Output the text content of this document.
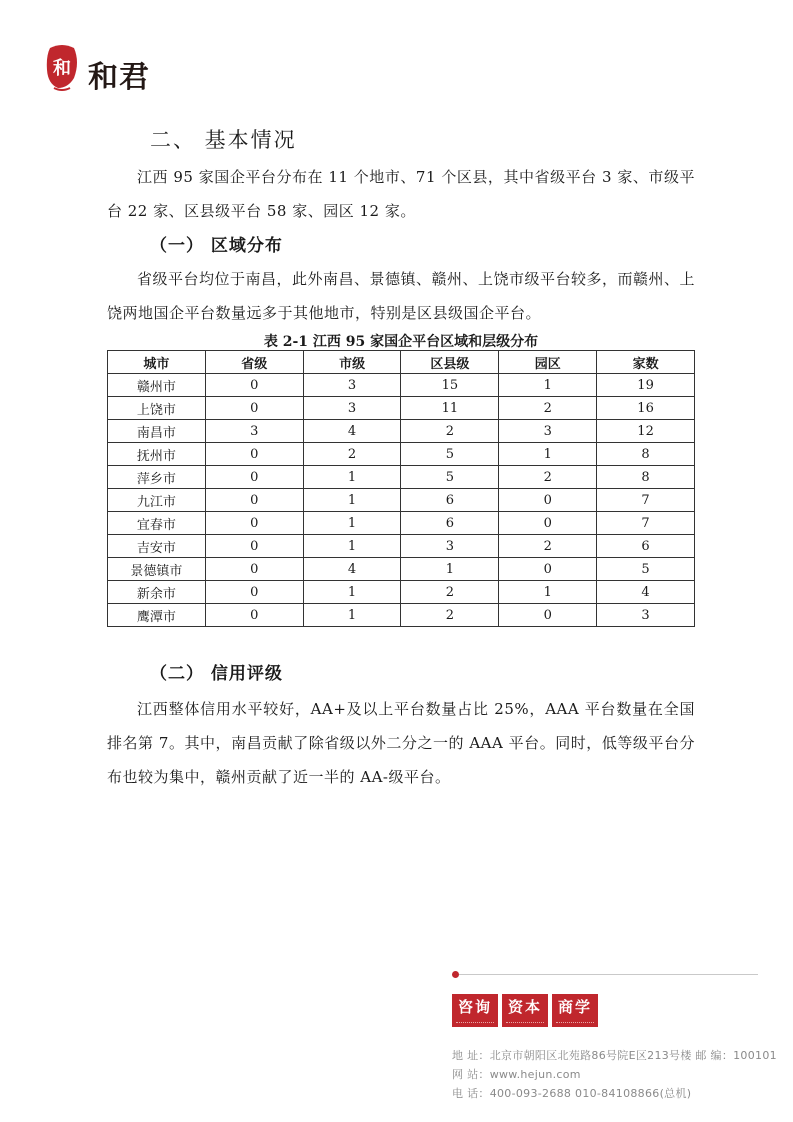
和 和君
二、 基本情况
江西 95 家国企平台分布在 11 个地市、71 个区县，其中省级平台 3 家、市级平台 22 家、区县级平台 58 家、园区 12 家。
（一） 区域分布
省级平台均位于南昌，此外南昌、景德镇、赣州、上饶市级平台较多，而赣州、上饶两地国企平台数量远多于其他地市，特别是区县级国企平台。
表 2-1 江西 95 家国企平台区域和层级分布
城市	省级	市级	区县级	园区	家数
赣州市	0	3	15	1	19
上饶市	0	3	11	2	16
南昌市	3	4	2	3	12
抚州市	0	2	5	1	8
萍乡市	0	1	5	2	8
九江市	0	1	6	0	7
宜春市	0	1	6	0	7
吉安市	0	1	3	2	6
景德镇市	0	4	1	0	5
新余市	0	1	2	1	4
鹰潭市	0	1	2	0	3
（二） 信用评级
江西整体信用水平较好，AA+及以上平台数量占比 25%，AAA 平台数量在全国排名第 7。其中，南昌贡献了除省级以外二分之一的 AAA 平台。同时，低等级平台分布也较为集中，赣州贡献了近一半的 AA-级平台。
咨询	资本	商学
地 址：北京市朝阳区北苑路86号院E区213号楼 邮 编：100101
网 站：www.hejun.com
电 话：400-093-2688 010-84108866(总机)
